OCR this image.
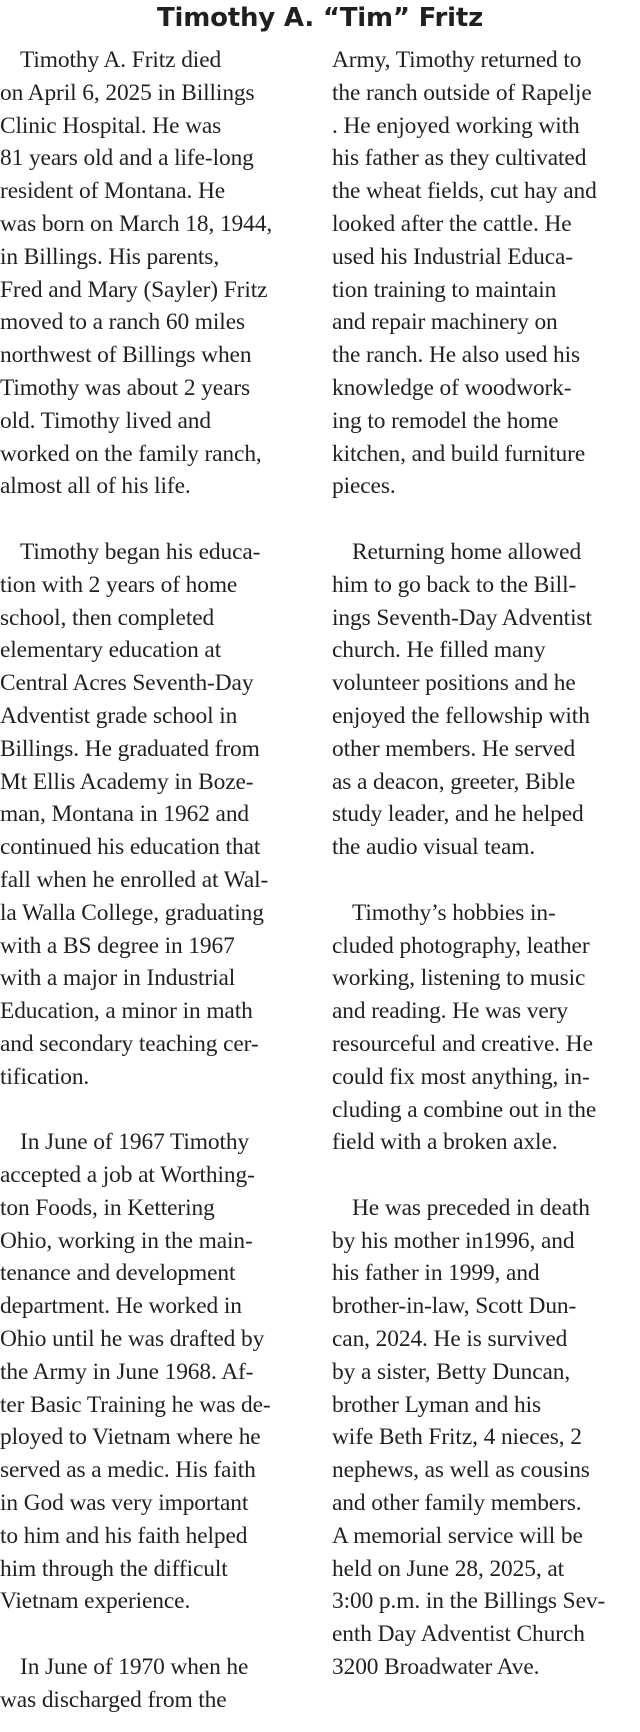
Timothy A. “Tim” Fritz
Timothy A. Fritz died
on April 6, 2025 in Billings
Clinic Hospital. He was
81 years old and a life-long
resident of Montana. He
was born on March 18, 1944,
in Billings. His parents,
Fred and Mary (Sayler) Fritz
moved to a ranch 60 miles
northwest of Billings when
Timothy was about 2 years
old. Timothy lived and
worked on the family ranch,
almost all of his life.
Timothy began his educa-
tion with 2 years of home
school, then completed
elementary education at
Central Acres Seventh-Day
Adventist grade school in
Billings. He graduated from
Mt Ellis Academy in Boze-
man, Montana in 1962 and
continued his education that
fall when he enrolled at Wal-
la Walla College, graduating
with a BS degree in 1967
with a major in Industrial
Education, a minor in math
and secondary teaching cer-
tification.
In June of 1967 Timothy
accepted a job at Worthing-
ton Foods, in Kettering
Ohio, working in the main-
tenance and development
department. He worked in
Ohio until he was drafted by
the Army in June 1968. Af-
ter Basic Training he was de-
ployed to Vietnam where he
served as a medic. His faith
in God was very important
to him and his faith helped
him through the difficult
Vietnam experience.
In June of 1970 when he
was discharged from the
Army, Timothy returned to
the ranch outside of Rapelje
. He enjoyed working with
his father as they cultivated
the wheat fields, cut hay and
looked after the cattle. He
used his Industrial Educa-
tion training to maintain
and repair machinery on
the ranch. He also used his
knowledge of woodwork-
ing to remodel the home
kitchen, and build furniture
pieces.
Returning home allowed
him to go back to the Bill-
ings Seventh-Day Adventist
church. He filled many
volunteer positions and he
enjoyed the fellowship with
other members. He served
as a deacon, greeter, Bible
study leader, and he helped
the audio visual team.
Timothy’s hobbies in-
cluded photography, leather
working, listening to music
and reading. He was very
resourceful and creative. He
could fix most anything, in-
cluding a combine out in the
field with a broken axle.
He was preceded in death
by his mother in1996, and
his father in 1999, and
brother-in-law, Scott Dun-
can, 2024. He is survived
by a sister, Betty Duncan,
brother Lyman and his
wife Beth Fritz, 4 nieces, 2
nephews, as well as cousins
and other family members.
A memorial service will be
held on June 28, 2025, at
3:00 p.m. in the Billings Sev-
enth Day Adventist Church
3200 Broadwater Ave.
